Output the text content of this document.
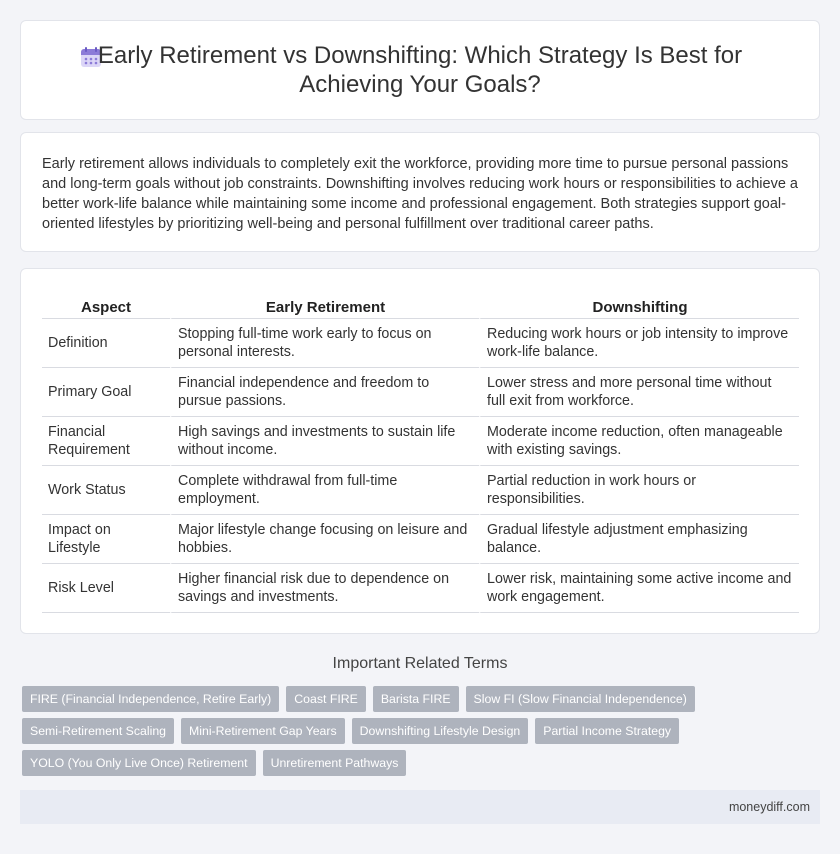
Early Retirement vs Downshifting: Which Strategy Is Best for Achieving Your Goals?

Early retirement allows individuals to completely exit the workforce, providing more time to pursue personal passions and long-term goals without job constraints. Downshifting involves reducing work hours or responsibilities to achieve a better work-life balance while maintaining some income and professional engagement. Both strategies support goal-oriented lifestyles by prioritizing well-being and personal fulfillment over traditional career paths.

Aspect	Early Retirement	Downshifting
Definition	Stopping full-time work early to focus on personal interests.	Reducing work hours or job intensity to improve work-life balance.
Primary Goal	Financial independence and freedom to pursue passions.	Lower stress and more personal time without full exit from workforce.
Financial Requirement	High savings and investments to sustain life without income.	Moderate income reduction, often manageable with existing savings.
Work Status	Complete withdrawal from full-time employment.	Partial reduction in work hours or responsibilities.
Impact on Lifestyle	Major lifestyle change focusing on leisure and hobbies.	Gradual lifestyle adjustment emphasizing balance.
Risk Level	Higher financial risk due to dependence on savings and investments.	Lower risk, maintaining some active income and work engagement.
Important Related Terms
FIRE (Financial Independence, Retire Early)	Coast FIRE	Barista FIRE	Slow FI (Slow Financial Independence)
Semi-Retirement Scaling	Mini-Retirement Gap Years	Downshifting Lifestyle Design	Partial Income Strategy
YOLO (You Only Live Once) Retirement	Unretirement Pathways
moneydiff.com
